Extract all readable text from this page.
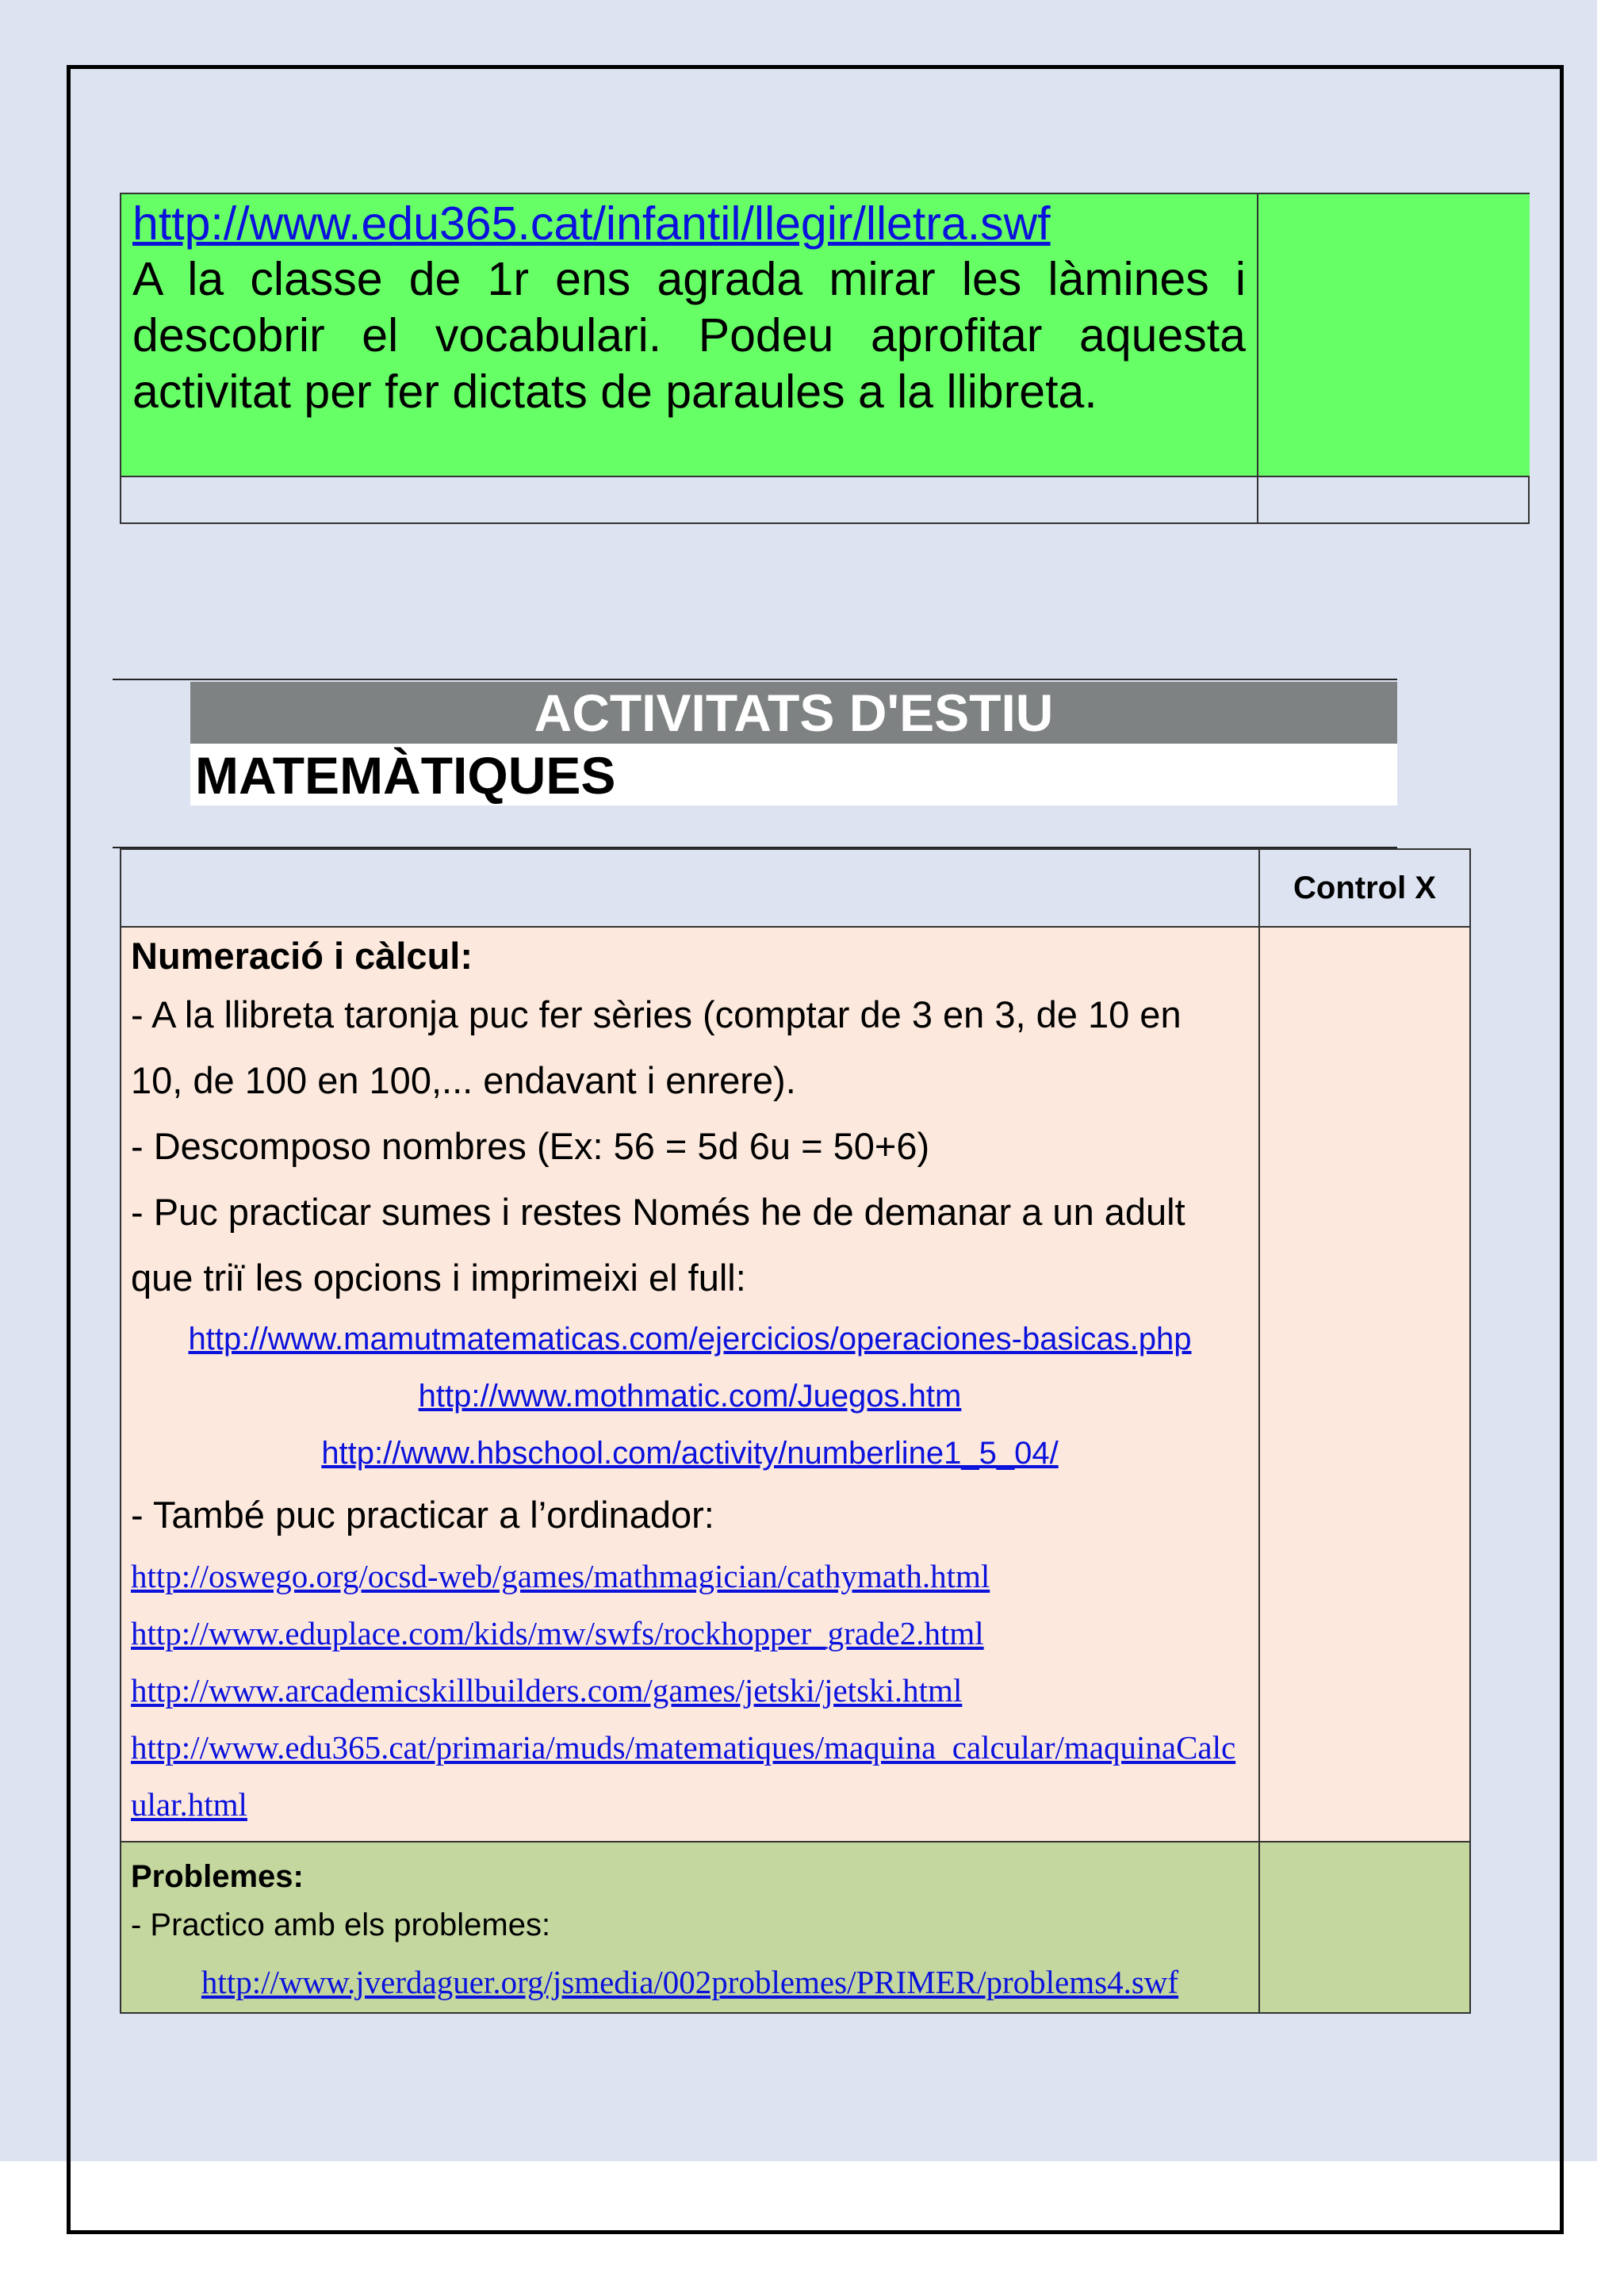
http://www.edu365.cat/infantil/llegir/lletra.swf

A la classe de 1r ens agrada mirar les làmines i descobrir el vocabulari. Podeu aprofitar aquesta activitat per fer dictats de paraules a la llibreta.

ACTIVITATS D'ESTIU
MATEMÀTIQUES
Control X
Numeració i càlcul:
- A la llibreta taronja puc fer sèries (comptar de 3 en 3, de 10 en
10, de 100 en 100,... endavant i enrere).
- Descomposo nombres (Ex: 56 = 5d 6u = 50+6)
- Puc practicar sumes i restes Només he de demanar a un adult
que triï les opcions i imprimeixi el full:
http://www.mamutmatematicas.com/ejercicios/operaciones-basicas.php
http://www.mothmatic.com/Juegos.htm
http://www.hbschool.com/activity/numberline1_5_04/
- També puc practicar a l’ordinador:
http://oswego.org/ocsd-web/games/mathmagician/cathymath.html
http://www.eduplace.com/kids/mw/swfs/rockhopper_grade2.html
http://www.arcademicskillbuilders.com/games/jetski/jetski.html
http://www.edu365.cat/primaria/muds/matematiques/maquina_calcular/maquinaCalc
ular.html
Problemes:
- Practico amb els problemes:
http://www.jverdaguer.org/jsmedia/002problemes/PRIMER/problems4.swf
